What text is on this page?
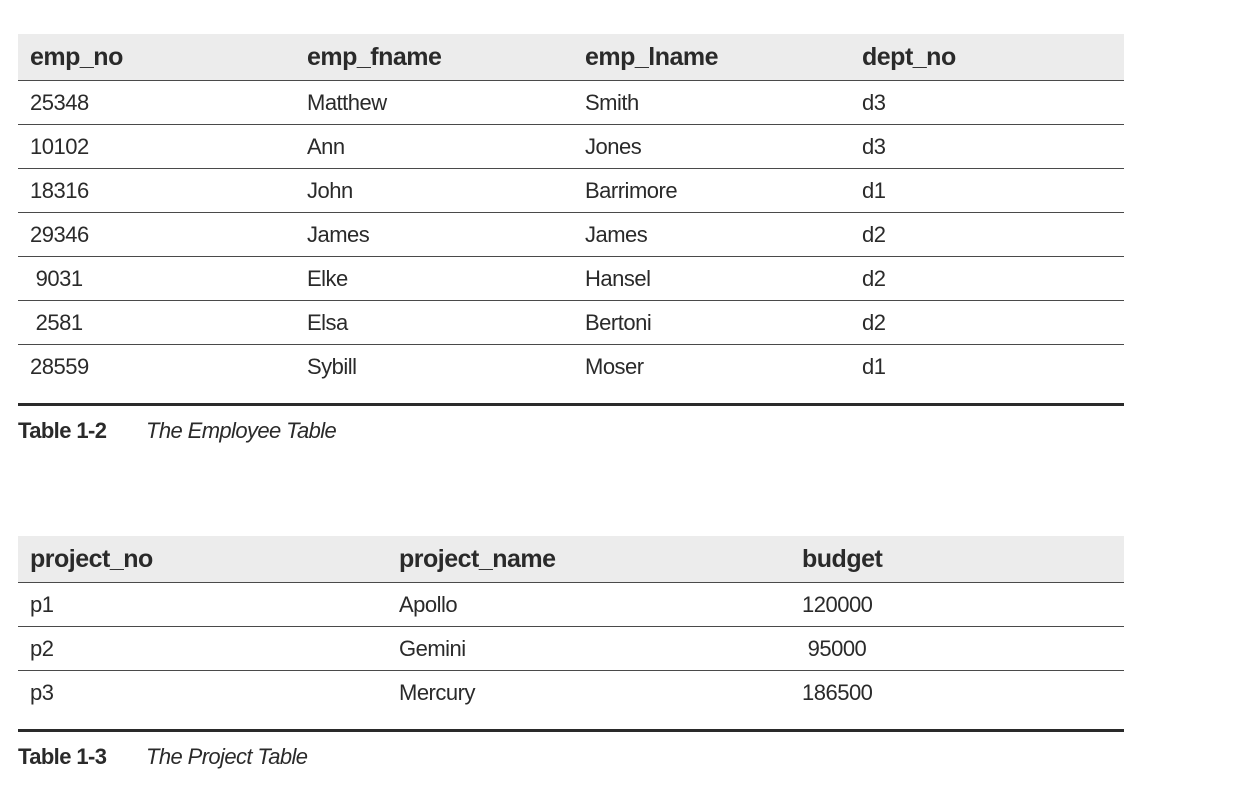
emp_no	emp_fname	emp_lname	dept_no
25348	Matthew	Smith	d3
10102	Ann	Jones	d3
18316	John	Barrimore	d1
29346	James	James	d2
9031	Elke	Hansel	d2
2581	Elsa	Bertoni	d2
28559	Sybill	Moser	d1
Table 1-2	The Employee Table
project_no	project_name	budget
p1	Apollo	120000
p2	Gemini	95000
p3	Mercury	186500
Table 1-3	The Project Table
